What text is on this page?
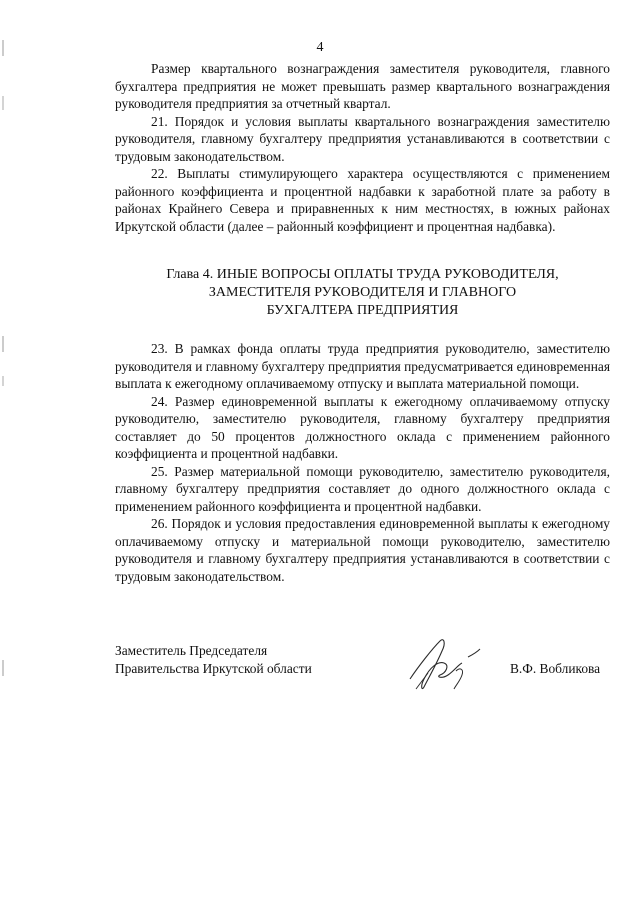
4

Размер квартального вознаграждения заместителя руководителя, главного бухгалтера предприятия не может превышать размер квартального вознаграждения руководителя предприятия за отчетный квартал.

21. Порядок и условия выплаты квартального вознаграждения заместителю руководителя, главному бухгалтеру предприятия устанавливаются в соответствии с трудовым законодательством.

22. Выплаты стимулирующего характера осуществляются с применением районного коэффициента и процентной надбавки к заработной плате за работу в районах Крайнего Севера и приравненных к ним местностях, в южных районах Иркутской области (далее – районный коэффициент и процентная надбавка).

Глава 4. ИНЫЕ ВОПРОСЫ ОПЛАТЫ ТРУДА РУКОВОДИТЕЛЯ,
ЗАМЕСТИТЕЛЯ РУКОВОДИТЕЛЯ И ГЛАВНОГО
БУХГАЛТЕРА ПРЕДПРИЯТИЯ

23. В рамках фонда оплаты труда предприятия руководителю, заместителю руководителя и главному бухгалтеру предприятия предусматривается единовременная выплата к ежегодному оплачиваемому отпуску и выплата материальной помощи.

24. Размер единовременной выплаты к ежегодному оплачиваемому отпуску руководителю, заместителю руководителя, главному бухгалтеру предприятия составляет до 50 процентов должностного оклада с применением районного коэффициента и процентной надбавки.

25. Размер материальной помощи руководителю, заместителю руководителя, главному бухгалтеру предприятия составляет до одного должностного оклада с применением районного коэффициента и процентной надбавки.

26. Порядок и условия предоставления единовременной выплаты к ежегодному оплачиваемому отпуску и материальной помощи руководителю, заместителю руководителя и главному бухгалтеру предприятия устанавливаются в соответствии с трудовым законодательством.

Заместитель Председателя
Правительства Иркутской области	В.Ф. Вобликова
